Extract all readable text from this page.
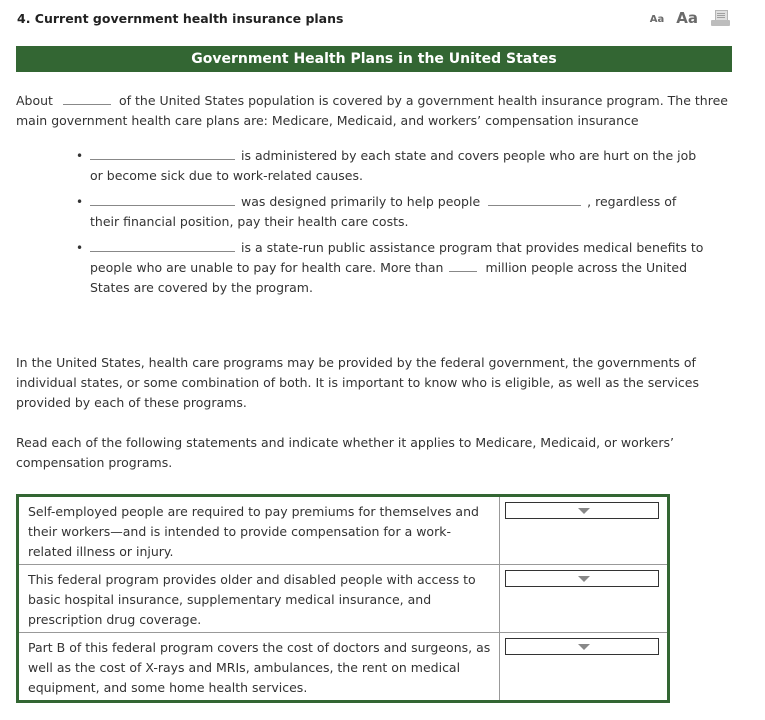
4. Current government health insurance plans	Aa Aa
Government Health Plans in the United States
About	of the United States population is covered by a government health insurance program. The three main government health care plans are: Medicare, Medicaid, and workers’ compensation insurance
•	is administered by each state and covers people who are hurt on the job or become sick due to work-related causes.
•	was designed primarily to help people	, regardless of their financial position, pay their health care costs.
•	is a state-run public assistance program that provides medical benefits to people who are unable to pay for health care. More than	million people across the United States are covered by the program.
In the United States, health care programs may be provided by the federal government, the governments of individual states, or some combination of both. It is important to know who is eligible, as well as the services provided by each of these programs.
Read each of the following statements and indicate whether it applies to Medicare, Medicaid, or workers’ compensation programs.
Self-employed people are required to pay premiums for themselves and their workers—and is intended to provide compensation for a work-related illness or injury.	

This federal program provides older and disabled people with access to basic hospital insurance, supplementary medical insurance, and prescription drug coverage.	

Part B of this federal program covers the cost of doctors and surgeons, as well as the cost of X-rays and MRIs, ambulances, the rent on medical equipment, and some home health services.	
